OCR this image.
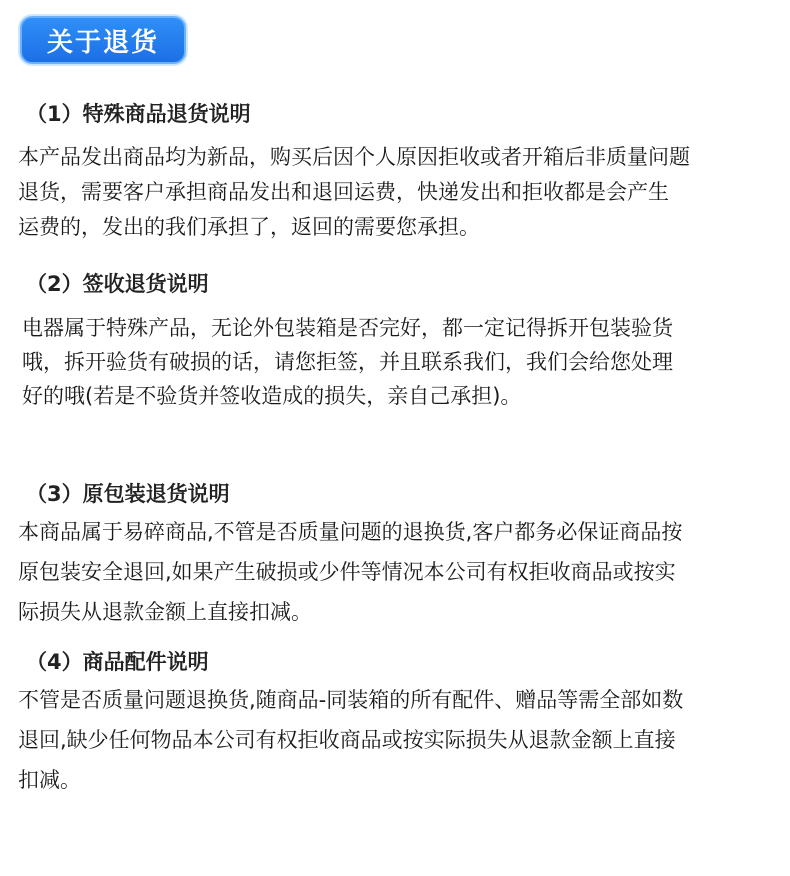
关于退货
（1）特殊商品退货说明
本产品发出商品均为新品，购买后因个人原因拒收或者开箱后非质量问题
退货，需要客户承担商品发出和退回运费，快递发出和拒收都是会产生
运费的，发出的我们承担了，返回的需要您承担。
（2）签收退货说明
电器属于特殊产品，无论外包装箱是否完好，都一定记得拆开包装验货
哦，拆开验货有破损的话，请您拒签，并且联系我们，我们会给您处理
好的哦(若是不验货并签收造成的损失，亲自己承担)。
（3）原包装退货说明
本商品属于易碎商品,不管是否质量问题的退换货,客户都务必保证商品按
原包装安全退回,如果产生破损或少件等情况本公司有权拒收商品或按实
际损失从退款金额上直接扣减。
（4）商品配件说明
不管是否质量问题退换货,随商品-同装箱的所有配件、赠品等需全部如数
退回,缺少任何物品本公司有权拒收商品或按实际损失从退款金额上直接
扣减。
